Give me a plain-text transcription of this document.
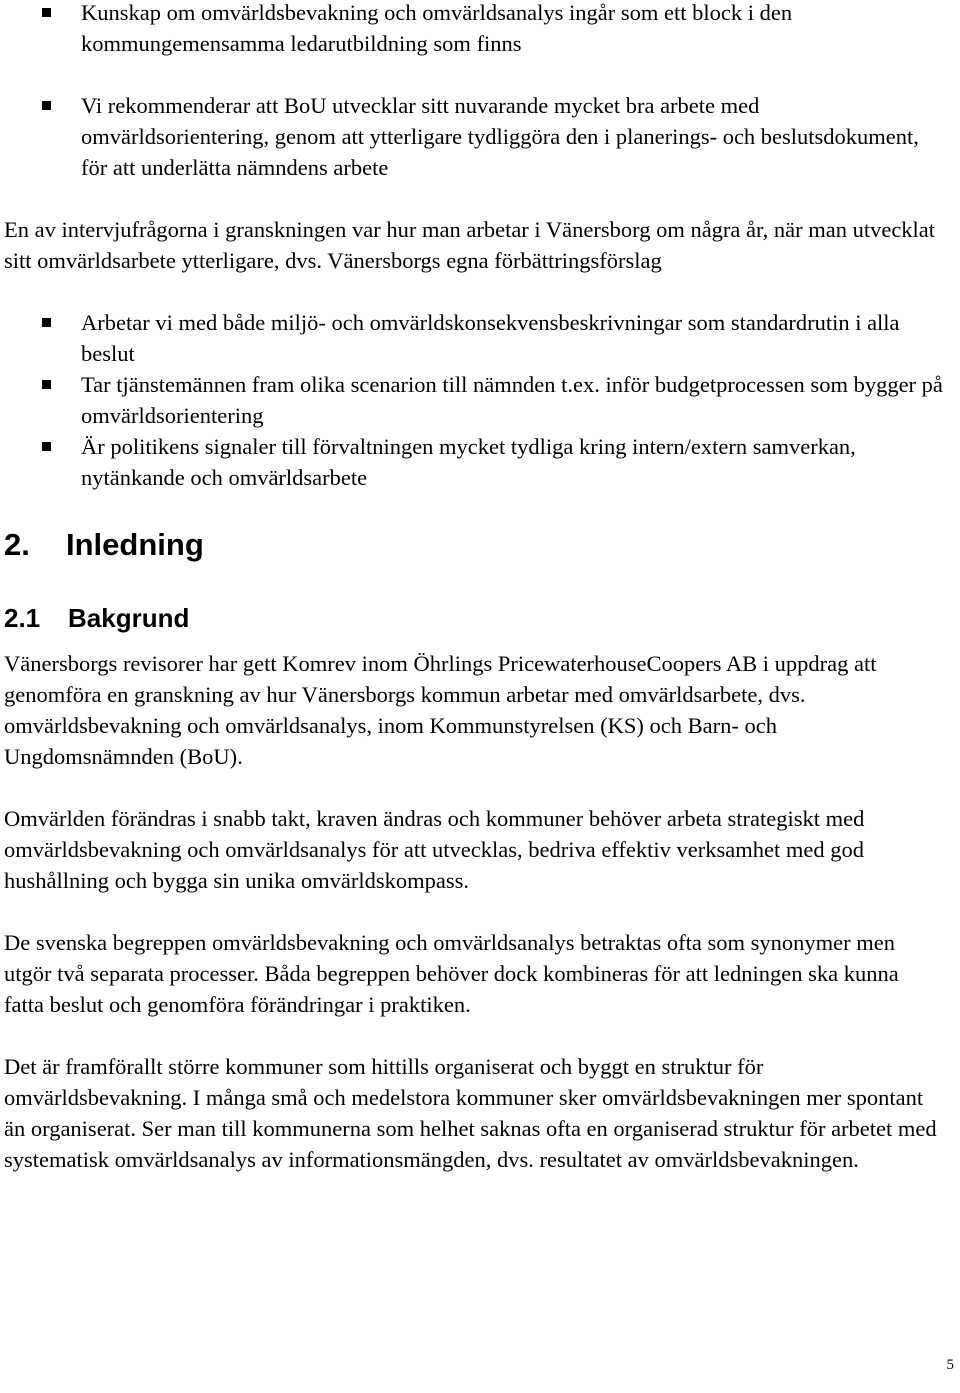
Kunskap om omvärldsbevakning och omvärldsanalys ingår som ett block i den kommungemensamma ledarutbildning som finns
Vi rekommenderar att BoU utvecklar sitt nuvarande mycket bra arbete med omvärldsorientering, genom att ytterligare tydliggöra den i planerings- och beslutsdokument, för att underlätta nämndens arbete

En av intervjufrågorna i granskningen var hur man arbetar i Vänersborg om några år, när man utvecklat sitt omvärldsarbete ytterligare, dvs. Vänersborgs egna förbättringsförslag

Arbetar vi med både miljö- och omvärldskonsekvensbeskrivningar som standardrutin i alla beslut
Tar tjänstemännen fram olika scenarion till nämnden t.ex. inför budgetprocessen som bygger på omvärldsorientering
Är politikens signaler till förvaltningen mycket tydliga kring intern/extern samverkan, nytänkande och omvärldsarbete
2. Inledning
2.1 Bakgrund

Vänersborgs revisorer har gett Komrev inom Öhrlings PricewaterhouseCoopers AB i uppdrag att genomföra en granskning av hur Vänersborgs kommun arbetar med omvärldsarbete, dvs. omvärldsbevakning och omvärldsanalys, inom Kommunstyrelsen (KS) och Barn- och Ungdomsnämnden (BoU).

Omvärlden förändras i snabb takt, kraven ändras och kommuner behöver arbeta strategiskt med omvärldsbevakning och omvärldsanalys för att utvecklas, bedriva effektiv verksamhet med god hushållning och bygga sin unika omvärldskompass.

De svenska begreppen omvärldsbevakning och omvärldsanalys betraktas ofta som synonymer men utgör två separata processer. Båda begreppen behöver dock kombineras för att ledningen ska kunna fatta beslut och genomföra förändringar i praktiken.

Det är framförallt större kommuner som hittills organiserat och byggt en struktur för omvärldsbevakning. I många små och medelstora kommuner sker omvärldsbevakningen mer spontant än organiserat. Ser man till kommunerna som helhet saknas ofta en organiserad struktur för arbetet med systematisk omvärldsanalys av informationsmängden, dvs. resultatet av omvärldsbevakningen.

5
